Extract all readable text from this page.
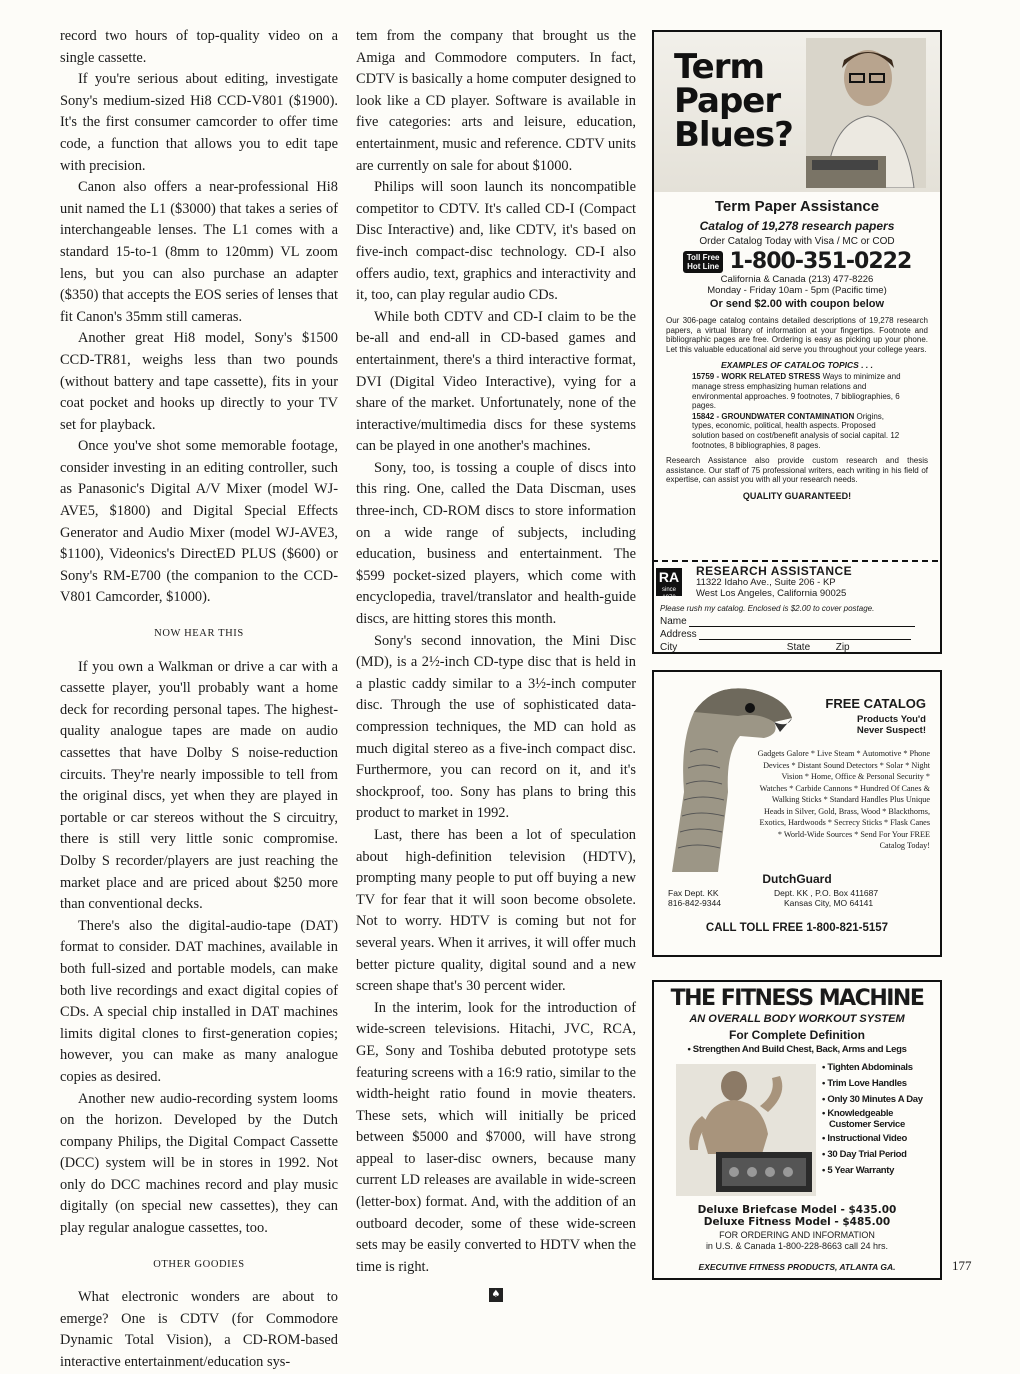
record two hours of top-quality video on a single cassette.

If you're serious about editing, investigate Sony's medium-sized Hi8 CCD-V801 ($1900). It's the first consumer camcorder to offer time code, a function that allows you to edit tape with precision.

Canon also offers a near-professional Hi8 unit named the L1 ($3000) that takes a series of interchangeable lenses. The L1 comes with a standard 15-to-1 (8mm to 120mm) VL zoom lens, but you can also purchase an adapter ($350) that accepts the EOS series of lenses that fit Canon's 35mm still cameras.

Another great Hi8 model, Sony's $1500 CCD-TR81, weighs less than two pounds (without battery and tape cassette), fits in your coat pocket and hooks up directly to your TV set for playback.

Once you've shot some memorable footage, consider investing in an editing controller, such as Panasonic's Digital A/V Mixer (model WJ-AVE5, $1800) and Digital Special Effects Generator and Audio Mixer (model WJ-AVE3, $1100), Videonics's DirectED PLUS ($600) or Sony's RM-E700 (the companion to the CCD-V801 Camcorder, $1000).

NOW HEAR THIS

If you own a Walkman or drive a car with a cassette player, you'll probably want a home deck for recording personal tapes. The highest-quality analogue tapes are made on audio cassettes that have Dolby S noise-reduction circuits. They're nearly impossible to tell from the original discs, yet when they are played in portable or car stereos without the S circuitry, there is still very little sonic compromise. Dolby S recorder/players are just reaching the market place and are priced about $250 more than conventional decks.

There's also the digital-audio-tape (DAT) format to consider. DAT machines, available in both full-sized and portable models, can make both live recordings and exact digital copies of CDs. A special chip installed in DAT machines limits digital clones to first-generation copies; however, you can make as many analogue copies as desired.

Another new audio-recording system looms on the horizon. Developed by the Dutch company Philips, the Digital Compact Cassette (DCC) system will be in stores in 1992. Not only do DCC machines record and play music digitally (on special new cassettes), they can play regular analogue cassettes, too.

OTHER GOODIES

What electronic wonders are about to emerge? One is CDTV (for Commodore Dynamic Total Vision), a CD-ROM-based interactive entertainment/education sys-

tem from the company that brought us the Amiga and Commodore computers. In fact, CDTV is basically a home computer designed to look like a CD player. Software is available in five categories: arts and leisure, education, entertainment, music and reference. CDTV units are currently on sale for about $1000.

Philips will soon launch its noncompatible competitor to CDTV. It's called CD-I (Compact Disc Interactive) and, like CDTV, it's based on five-inch compact-disc technology. CD-I also offers audio, text, graphics and interactivity and it, too, can play regular audio CDs.

While both CDTV and CD-I claim to be the be-all and end-all in CD-based games and entertainment, there's a third interactive format, DVI (Digital Video Interactive), vying for a share of the market. Unfortunately, none of the interactive/multimedia discs for these systems can be played in one another's machines.

Sony, too, is tossing a couple of discs into this ring. One, called the Data Discman, uses three-inch, CD-ROM discs to store information on a wide range of subjects, including education, business and entertainment. The $599 pocket-sized players, which come with encyclopedia, travel/translator and health-guide discs, are hitting stores this month.

Sony's second innovation, the Mini Disc (MD), is a 2½-inch CD-type disc that is held in a plastic caddy similar to a 3½-inch computer disc. Through the use of sophisticated data-compression techniques, the MD can hold as much digital stereo as a five-inch compact disc. Furthermore, you can record on it, and it's shockproof, too. Sony has plans to bring this product to market in 1992.

Last, there has been a lot of speculation about high-definition television (HDTV), prompting many people to put off buying a new TV for fear that it will soon become obsolete. Not to worry. HDTV is coming but not for several years. When it arrives, it will offer much better picture quality, digital sound and a new screen shape that's 30 percent wider.

In the interim, look for the introduction of wide-screen televisions. Hitachi, JVC, RCA, GE, Sony and Toshiba debuted prototype sets featuring screens with a 16:9 ratio, similar to the width-height ratio found in movie theaters. These sets, which will initially be priced between $5000 and $7000, will have strong appeal to laser-disc owners, because many current LD releases are available in wide-screen (letter-box) format. And, with the addition of an outboard decoder, some of these wide-screen sets may be easily converted to HDTV when the time is right.

♠
Term
Paper
Blues?
Term Paper Assistance
Catalog of 19,278 research papers
Order Catalog Today with Visa / MC or COD
Toll Free
Hot Line 1-800-351-0222
California & Canada (213) 477-8226
Monday - Friday 10am - 5pm (Pacific time)
Or send $2.00 with coupon below
Our 306-page catalog contains detailed descriptions of 19,278 research papers, a virtual library of information at your fingertips. Footnote and bibliographic pages are free. Ordering is easy as picking up your phone. Let this valuable educational aid serve you throughout your college years.
EXAMPLES OF CATALOG TOPICS . . .
15759 - WORK RELATED STRESS Ways to minimize and manage stress emphasizing human relations and environmental approaches. 9 footnotes, 7 bibliographies, 6 pages.
15842 - GROUNDWATER CONTAMINATION Origins, types, economic, political, health aspects. Proposed solution based on cost/benefit analysis of social capital. 12 footnotes, 8 bibliographies, 8 pages.
Research Assistance also provide custom research and thesis assistance. Our staff of 75 professional writers, each writing in his field of expertise, can assist you with all your research needs.
QUALITY GUARANTEED!
RA
since 1970
RESEARCH ASSISTANCE
11322 Idaho Ave., Suite 206 - KP
West Los Angeles, California 90025
Please rush my catalog. Enclosed is $2.00 to cover postage.
Name
Address
City	State	Zip
FREE CATALOG
Products You'd
Never Suspect!
Gadgets Galore * Live Steam * Automotive * Phone Devices * Distant Sound Detectors * Solar * Night Vision * Home, Office & Personal Security * Watches * Carbide Cannons * Hundred Of Canes & Walking Sticks * Standard Handles Plus Unique Heads in Silver, Gold, Brass, Wood * Blackthorns, Exotics, Hardwoods * Secrecy Sticks * Flask Canes * World-Wide Sources * Send For Your FREE Catalog Today!
DutchGuard
Fax Dept. KK
816-842-9344
Dept. KK , P.O. Box 411687
Kansas City, MO 64141
CALL TOLL FREE 1-800-821-5157
THE FITNESS MACHINE
AN OVERALL BODY WORKOUT SYSTEM
For Complete Definition
• Strengthen And Build Chest, Back, Arms and Legs
• Tighten Abdominals
• Trim Love Handles
• Only 30 Minutes A Day
• Knowledgeable
Customer Service
• Instructional Video
• 30 Day Trial Period
• 5 Year Warranty
Deluxe Briefcase Model - $435.00
Deluxe Fitness Model - $485.00
FOR ORDERING AND INFORMATION
in U.S. & Canada 1-800-228-8663 call 24 hrs.
EXECUTIVE FITNESS PRODUCTS, ATLANTA GA.	177
